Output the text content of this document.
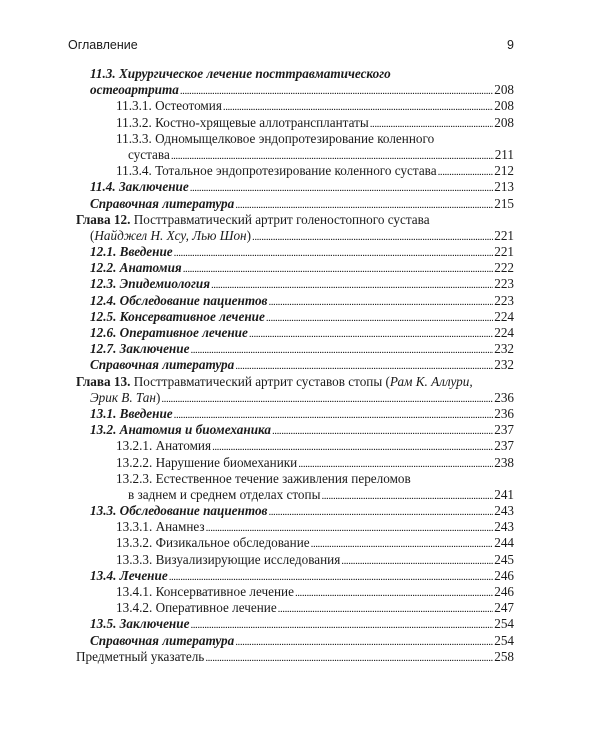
Оглавление	9
11.3. Хирургическое лечение посттравматического
остеоартрита . . .	208
11.3.1. Остеотомия . . .	208
11.3.2. Костно-хрящевые аллотрансплантаты . . .	208
11.3.3. Одномыщелковое эндопротезирование коленного
сустава . . .	211
11.3.4. Тотальное эндопротезирование коленного сустава . . .	212
11.4. Заключение . . .	213
Справочная литература . . .	215
Глава 12. Посттравматический артрит голеностопного сустава
( Найджел Н. Хсу, Лью Шон ) . . .	221
12.1. Введение . . .	221
12.2. Анатомия . . .	222
12.3. Эпидемиология . . .	223
12.4. Обследование пациентов . . .	223
12.5. Консервативное лечение . . .	224
12.6. Оперативное лечение . . .	224
12.7. Заключение . . .	232
Справочная литература . . .	232
Глава 13. Посттравматический артрит суставов стопы ( Рам К. Аллури,
Эрик В. Тан ) . . .	236
13.1. Введение . . .	236
13.2. Анатомия и биомеханика . . .	237
13.2.1. Анатомия . . .	237
13.2.2. Нарушение биомеханики . . .	238
13.2.3. Естественное течение заживления переломов
в заднем и среднем отделах стопы . . .	241
13.3. Обследование пациентов . . .	243
13.3.1. Анамнез . . .	243
13.3.2. Физикальное обследование . . .	244
13.3.3. Визуализирующие исследования . . .	245
13.4. Лечение . . .	246
13.4.1. Консервативное лечение . . .	246
13.4.2. Оперативное лечение . . .	247
13.5. Заключение . . .	254
Справочная литература . . .	254
Предметный указатель . . .	258
